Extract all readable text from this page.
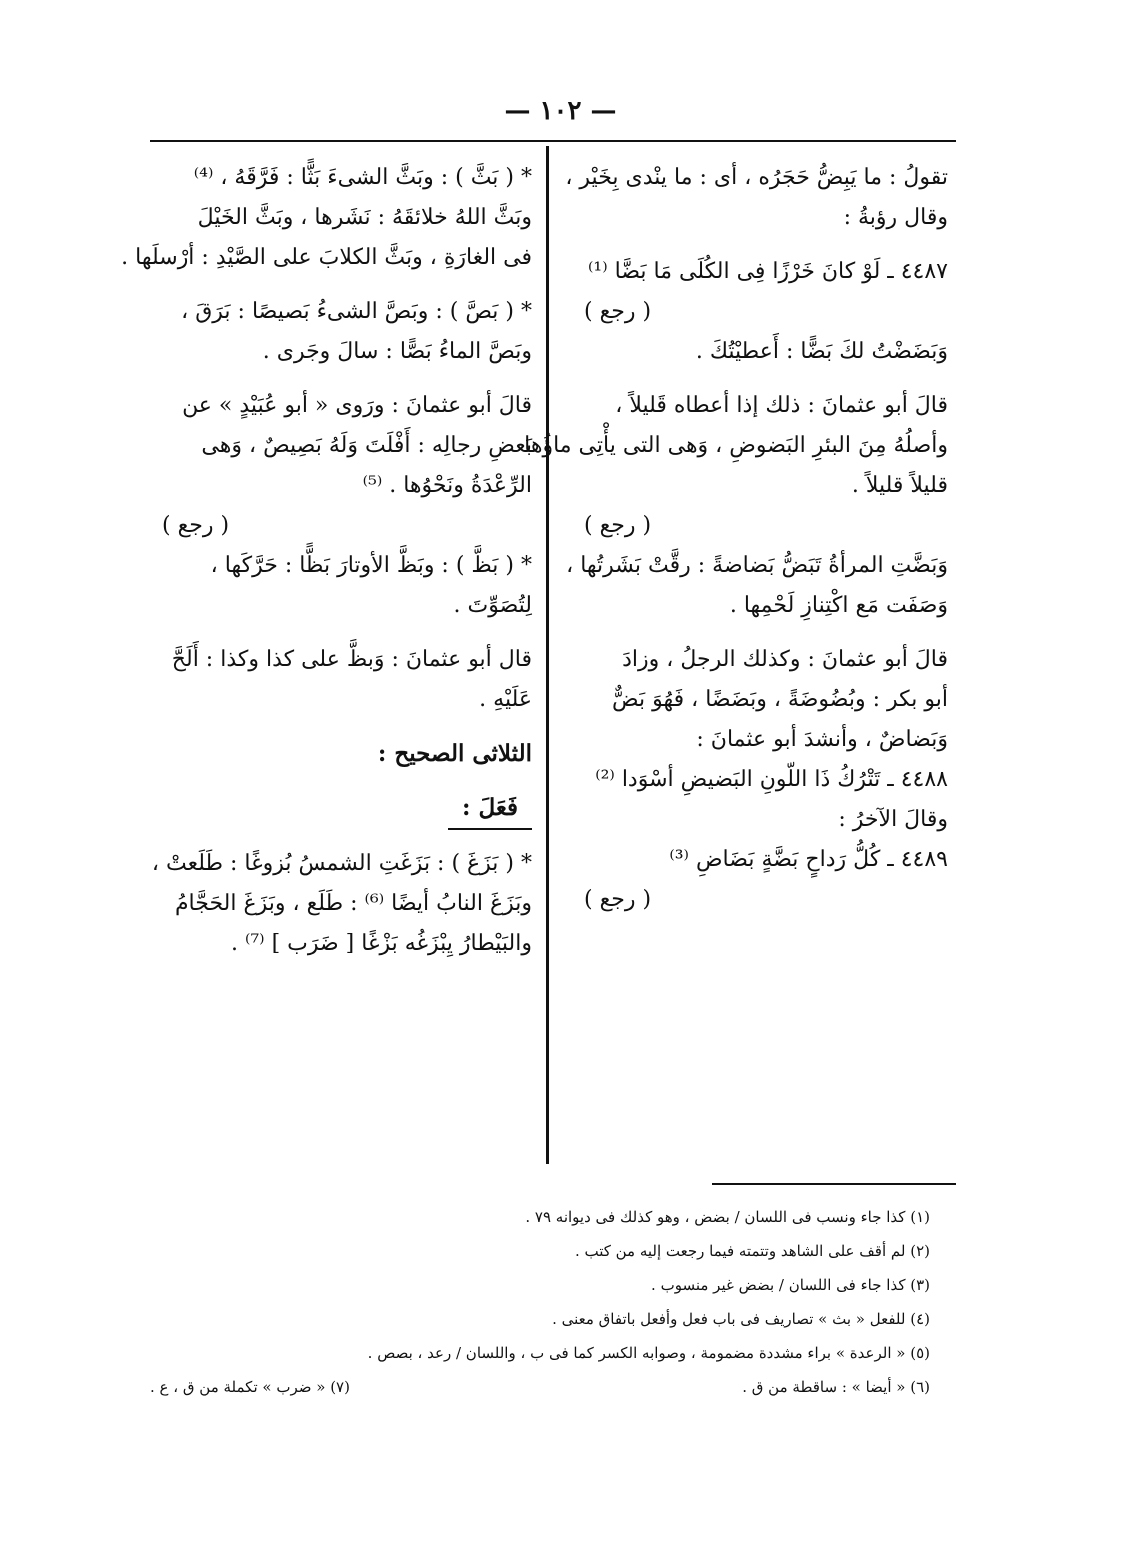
— ١٠٢ —
تقولُ : ما يَبِضُّ حَجَرُه ، أى : ما ينْدى بِخَيْر ،
وقال رؤبةُ :
٤٤٨٧ ـ لَوْ كانَ خَرْزًا فِى الكُلَى مَا بَضَّا ⁽¹⁾
( رجع )
وَبَضَضْتُ لكَ بَضًّا : أَعطيْتُكَ .
قالَ أبو عثمانَ : ذلك إذا أعطاه قَليلاً ،
وأصلُهُ مِنَ البئرِ البَضوضِ ، وَهى التى يأْتِى ماؤُها
قليلاً قليلاً .
( رجع )
وَبَضَّتِ المرأةُ تَبَضُّ بَضاضةً : رقَّتْ بَشَرتُها ،
وَصَفَت مَع اكْتِنازِ لَحْمِها .
قالَ أبو عثمانَ : وكذلك الرجلُ ، وزادَ
أبو بكر : وبُضُوضَةً ، وبَضَضًا ، فَهُوَ بَضٌّ
وَبَضاضٌ ، وأنشدَ أبو عثمانَ :
٤٤٨٨ ـ تَتْرُكُ ذَا اللّونِ البَضيضِ أسْوَدا ⁽²⁾
وقالَ الآخرُ :
٤٤٨٩ ـ كُلُّ رَداحٍ بَضَّةٍ بَضَاضِ ⁽³⁾
( رجع )
* ( بَثَّ ) : وبَثَّ الشىءَ بَثًّا : فَرَّقَهُ ، ⁽⁴⁾
وبَثَّ اللهُ خلائقَهُ : نَشَرها ، وبَثَّ الخَيْلَ
فى الغارَةِ ، وبَثَّ الكلابَ على الصَّيْدِ : أرْسلَها .
* ( بَصَّ ) : وبَصَّ الشىءُ بَصيصًا : بَرَقَ ،
وبَصَّ الماءُ بَصًّا : سالَ وجَرى .
قالَ أبو عثمانَ : ورَوى « أبو عُبَيْدٍ » عن
بَعضِ رجالِه : أَفْلَتَ وَلَهُ بَصِيصٌ ، وَهى
الرِّعْدَةُ ونَحْوُها . ⁽⁵⁾
( رجع )
* ( بَظَّ ) : وبَظَّ الأوتارَ بَظًّا : حَرَّكَها ،
لِتُصَوِّتَ .
قال أبو عثمانَ : وَبظَّ على كذا وكذا : أَلَحَّ
عَلَيْهِ .
الثلاثى الصحيح :
فَعَلَ :
* ( بَزَغَ ) : بَزَغَتِ الشمسُ بُزوغًا : طَلَعتْ ،
وبَزَغَ النابُ أيضًا ⁽⁶⁾ : طَلَع ، وبَزَغَ الحَجَّامُ
والبَيْطارُ يِبْزَغُه بَزْغًا [ ضَرَب ] ⁽⁷⁾ .
(١) كذا جاء ونسب فى اللسان / بضض ، وهو كذلك فى ديوانه ٧٩ .
(٢) لم أقف على الشاهد وتتمته فيما رجعت إليه من كتب .
(٣) كذا جاء فى اللسان / بضض غير منسوب .
(٤) للفعل « بث » تصاريف فى باب فعل وأفعل باتفاق معنى .
(٥) « الرعدة » براء مشددة مضمومة ، وصوابه الكسر كما فى ب ، واللسان / رعد ، بصص .
(٦) « أيضا » : ساقطة من ق .
(٧) « ضرب » تكملة من ق ، ع .
